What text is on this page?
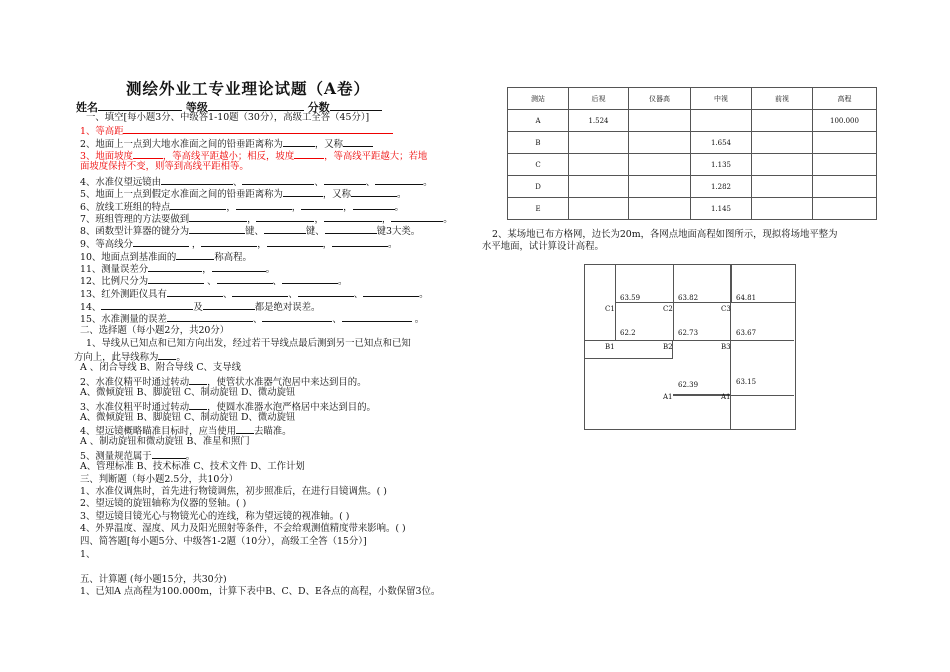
测绘外业工专业理论试题（A卷）
姓名	等级	分数
一、填空[每小题3分、中级答1-10题（30分），高级工全答（45分）]
1、等高距
2、地面上一点到大地水准面之间的铅垂距离称为	，又称
3、地面坡度	，等高线平距越小；相反，坡度	，等高线平距越大；若地
面坡度保持不变，则等到高线平距相等。
4、水准仪望远镜由	、	、	、	。
5、地面上一点到假定水准面之间的铅垂距离称为	，又称	。
6、放线工班组的特点	，	，	，	。
7、班组管理的方法要做到	，	，	，	。
8、函数型计算器的键分为	键、	键、	键3大类。
9、等高线分	，	，	，	。
10、地面点到基准面的	称高程。
11、测量误差分	，	。
12、比例尺分为	、	、	。
13、红外测距仪具有	、	、	、	。
14、	及	都是绝对误差。
15、水准测量的误差	、	、	。
二、选择题（每小题2分，共20分）
1、导线从已知点和已知方向出发，经过若干导线点最后测到另一已知点和已知
方向上，此导线称为 。
A 、闭合导线 B、附合导线 C、支导线
2、水准仪精平时通过转动 ，使管状水准器气泡居中来达到目的。
A、微倾旋钮 B、脚旋钮 C、制动旋钮 D、微动旋钮
3、水准仪粗平时通过转动 ，使圆水准器水泡严格居中来达到目的。
A、微倾旋钮 B、脚旋钮 C、制动旋钮 D、微动旋钮
4、望远镜概略瞄准目标时，应当使用 去瞄准。
A 、制动旋钮和微动旋钮 B、准星和照门
5、测量规范属于	。
A、管理标准 B、技术标准 C、技术文件 D、工作计划
三、判断题（每小题2.5分，共10分）
1、水准仪调焦时，首先进行物镜调焦，初步照准后，在进行目镜调焦。( )
2、望远镜的旋钮轴称为仪器的竖轴。( )
3、望远镜目镜光心与物镜光心的连线，称为望远镜的视准轴。( )
4、外界温度、湿度、风力及阳光照射等条件，不会给观测值精度带来影响。( )
四、简答题[每小题5分、中级答1-2题（10分），高级工全答（15分）]
1、
五、计算题 (每小题15分，共30分)
1、已知A 点高程为100.000m，计算下表中B、C、D、E各点的高程，小数保留3位。
测站	后视	仪器高	中视	前视	高程
A	1.524				100.000
B			1.654		
C			1.135		
D			1.282		
E			1.145		
2、某场地已布方格网，边长为20m，各网点地面高程如图所示，现拟将场地平整为
水平地面，试计算设计高程。
63.59	63.82	64.81
C1	C2	C3
62.2	62.73	63.67
B1	B2	B3
62.39	63.15
A1	A1
